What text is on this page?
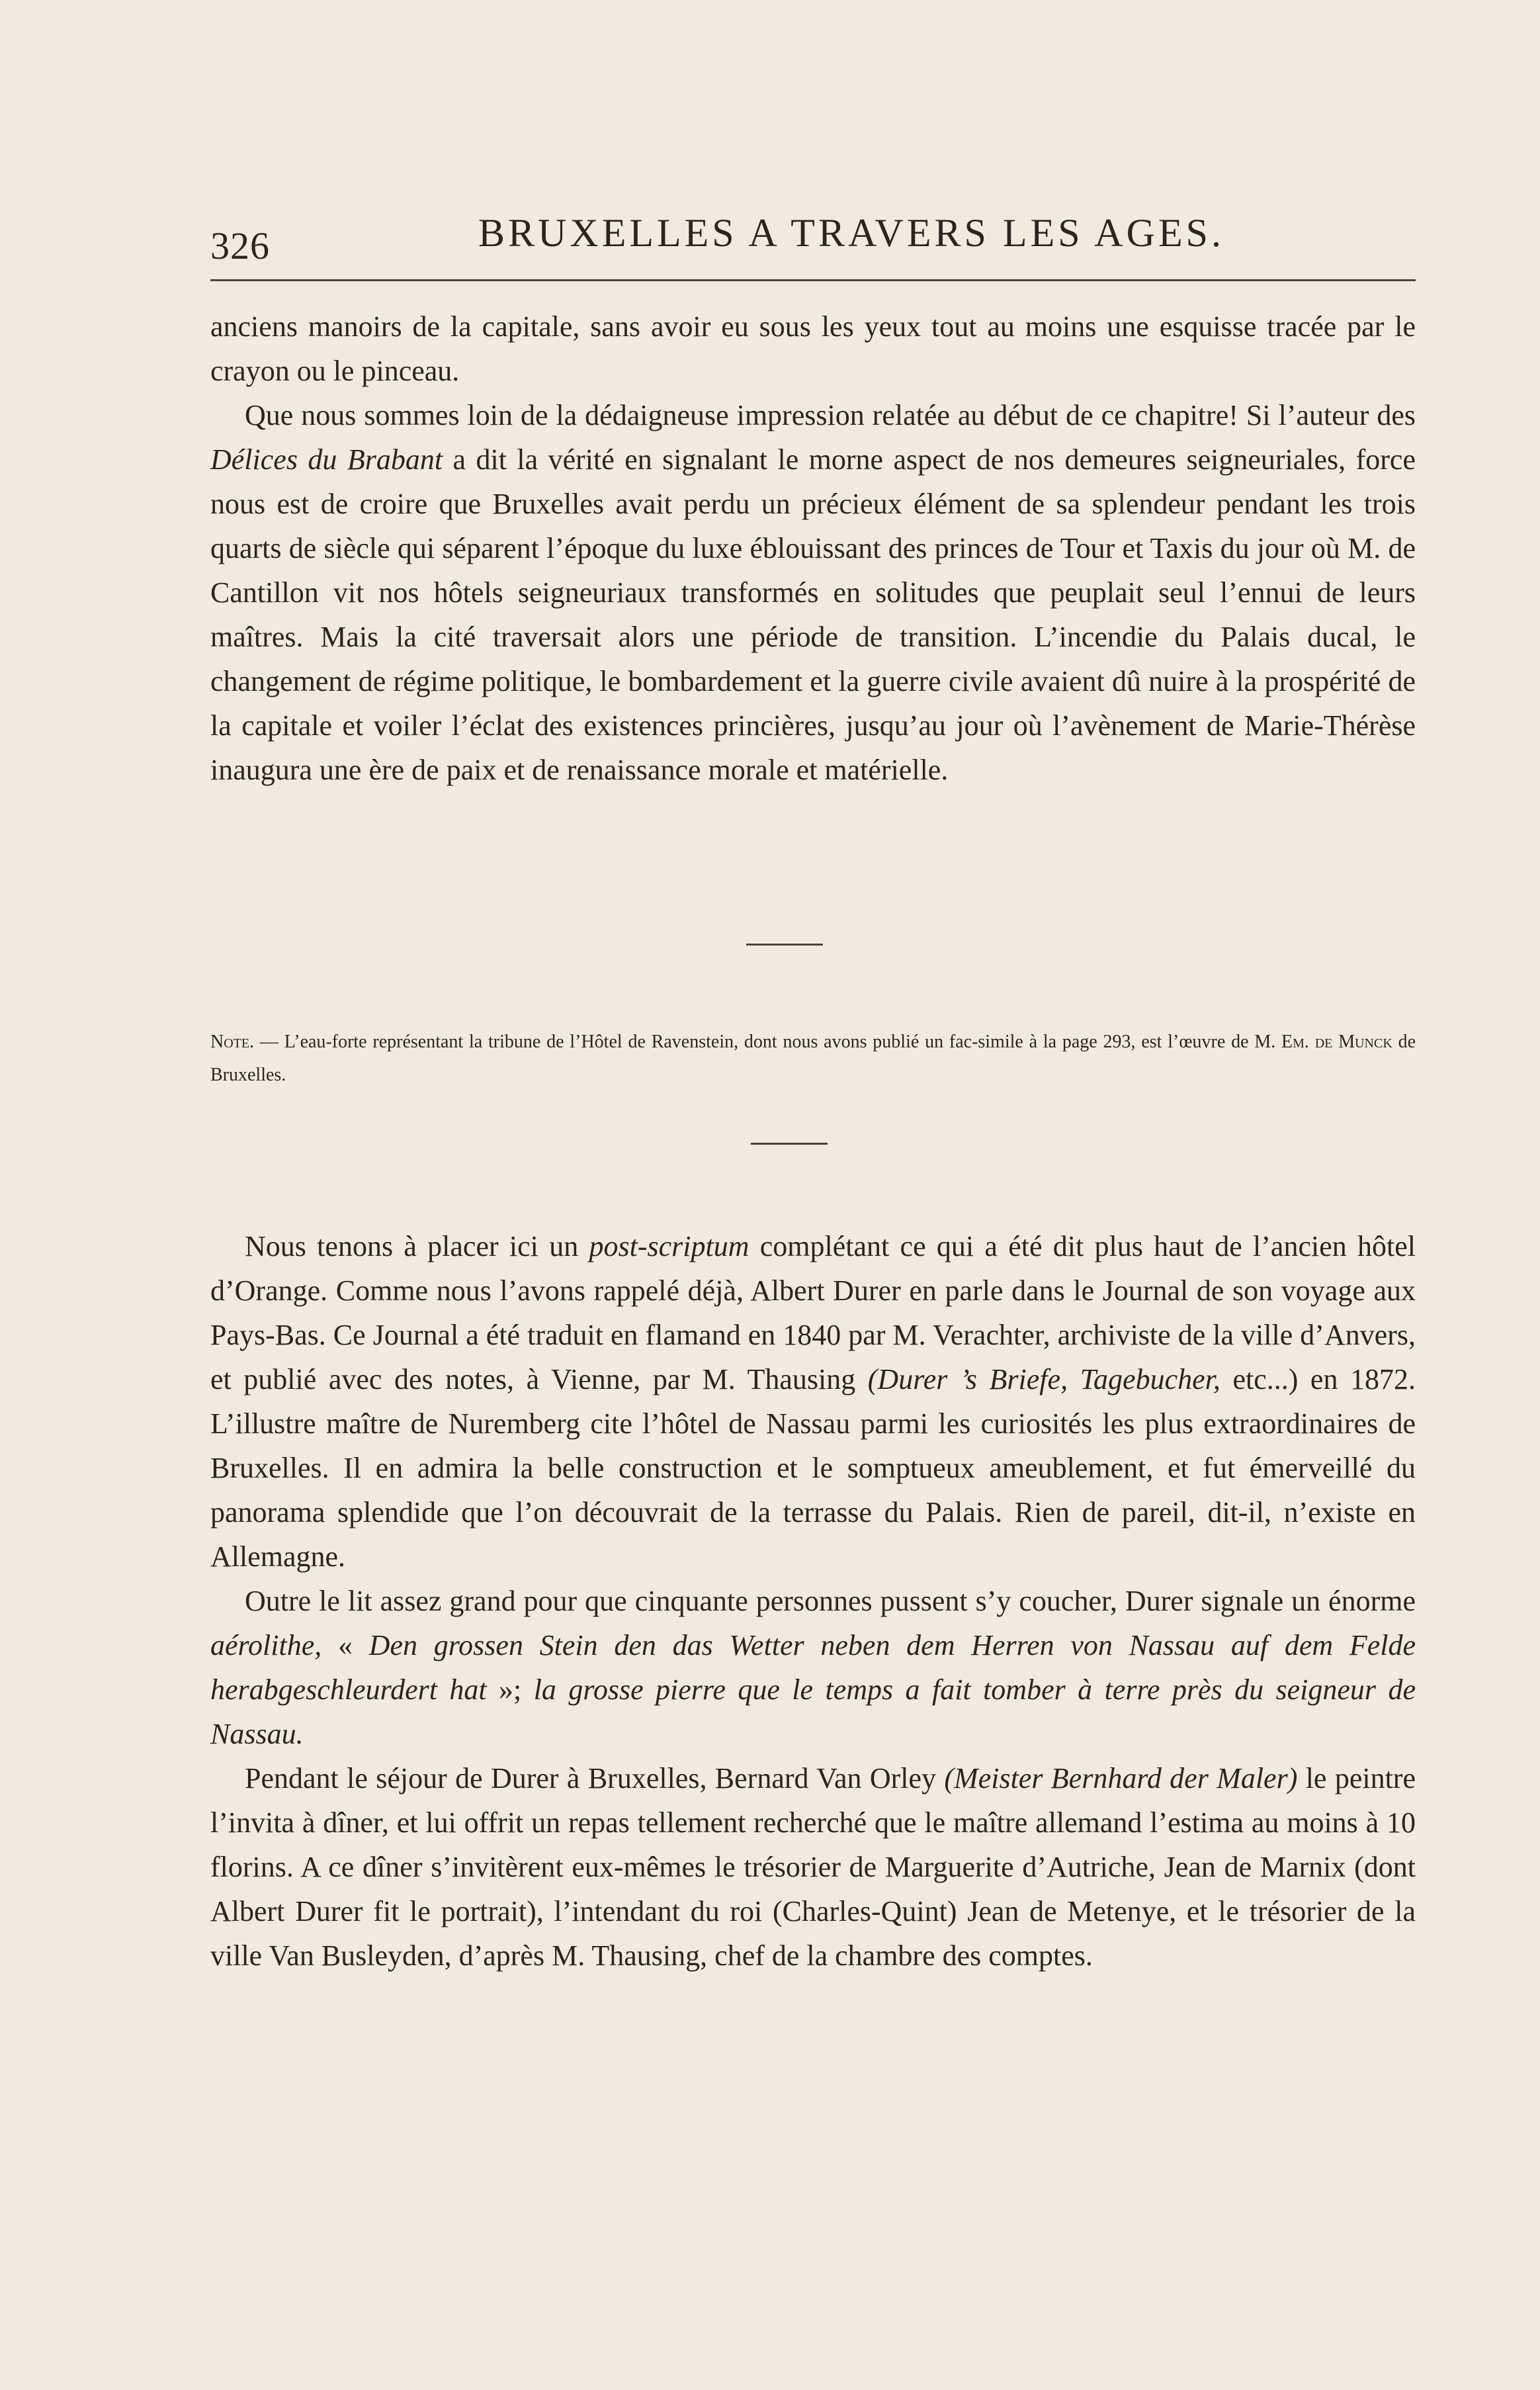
326	BRUXELLES A TRAVERS LES AGES.

anciens manoirs de la capitale, sans avoir eu sous les yeux tout au moins une esquisse tracée par le crayon ou le pinceau.

Que nous sommes loin de la dédaigneuse impression relatée au début de ce chapitre! Si l’auteur des Délices du Brabant a dit la vérité en signalant le morne aspect de nos demeures seigneuriales, force nous est de croire que Bruxelles avait perdu un précieux élément de sa splendeur pendant les trois quarts de siècle qui séparent l’époque du luxe éblouissant des princes de Tour et Taxis du jour où M. de Cantillon vit nos hôtels seigneuriaux transformés en solitudes que peuplait seul l’ennui de leurs maîtres. Mais la cité traversait alors une période de transition. L’incendie du Palais ducal, le changement de régime politique, le bombardement et la guerre civile avaient dû nuire à la prospérité de la capitale et voiler l’éclat des existences princières, jusqu’au jour où l’avènement de Marie-Thérèse inaugura une ère de paix et de renaissance morale et matérielle.

Note. — L’eau-forte représentant la tribune de l’Hôtel de Ravenstein, dont nous avons publié un fac-simile à la page 293, est l’œuvre de M. Em. de Munck de Bruxelles.

Nous tenons à placer ici un post-scriptum complétant ce qui a été dit plus haut de l’ancien hôtel d’Orange. Comme nous l’avons rappelé déjà, Albert Durer en parle dans le Journal de son voyage aux Pays-Bas. Ce Journal a été traduit en flamand en 1840 par M. Verachter, archiviste de la ville d’Anvers, et publié avec des notes, à Vienne, par M. Thausing (Durer ’s Briefe, Tagebucher, etc...) en 1872. L’illustre maître de Nuremberg cite l’hôtel de Nassau parmi les curiosités les plus extraordinaires de Bruxelles. Il en admira la belle construction et le somptueux ameublement, et fut émerveillé du panorama splendide que l’on découvrait de la terrasse du Palais. Rien de pareil, dit-il, n’existe en Allemagne.

Outre le lit assez grand pour que cinquante personnes pussent s’y coucher, Durer signale un énorme aérolithe, « Den grossen Stein den das Wetter neben dem Herren von Nassau auf dem Felde herabgeschleurdert hat »; la grosse pierre que le temps a fait tomber à terre près du seigneur de Nassau.

Pendant le séjour de Durer à Bruxelles, Bernard Van Orley (Meister Bernhard der Maler) le peintre l’invita à dîner, et lui offrit un repas tellement recherché que le maître allemand l’estima au moins à 10 florins. A ce dîner s’invitèrent eux-mêmes le trésorier de Marguerite d’Autriche, Jean de Marnix (dont Albert Durer fit le portrait), l’intendant du roi (Charles-Quint) Jean de Metenye, et le trésorier de la ville Van Busleyden, d’après M. Thausing, chef de la chambre des comptes.
